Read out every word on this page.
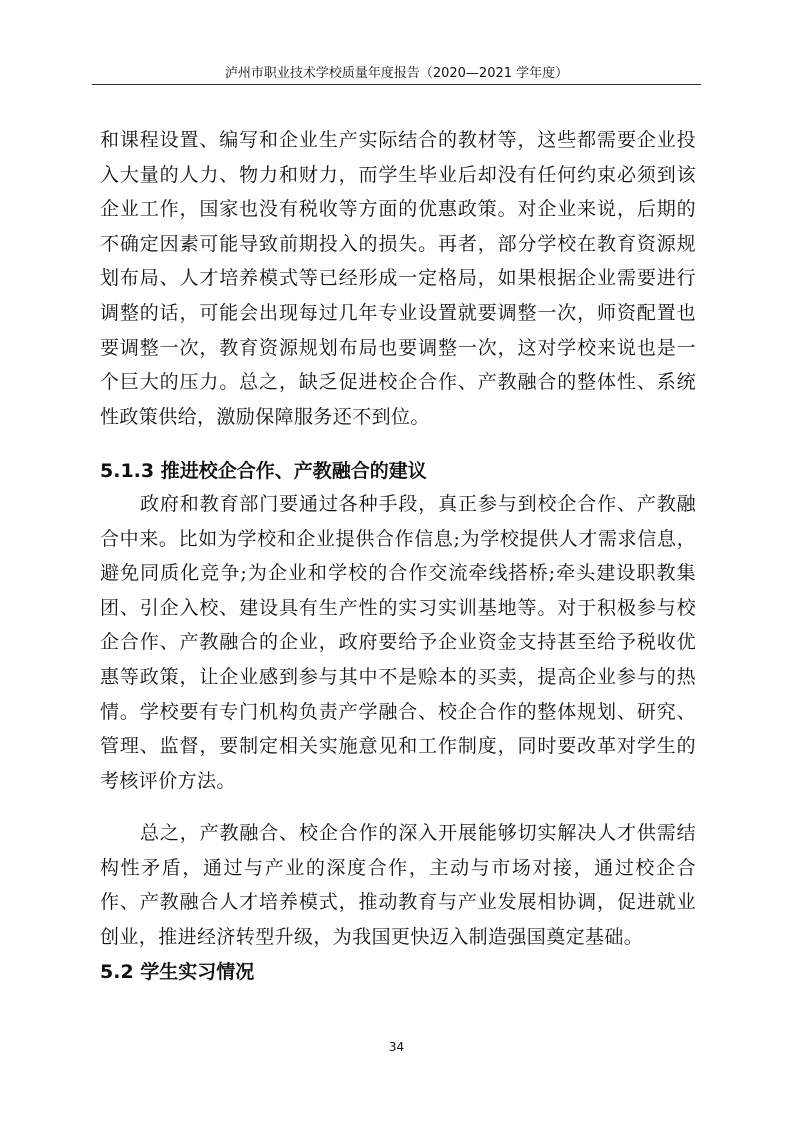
泸州市职业技术学校质量年度报告（2020—2021 学年度）

和课程设置、编写和企业生产实际结合的教材等，这些都需要企业投入大量的人力、物力和财力，而学生毕业后却没有任何约束必须到该企业工作，国家也没有税收等方面的优惠政策。对企业来说，后期的不确定因素可能导致前期投入的损失。再者，部分学校在教育资源规划布局、人才培养模式等已经形成一定格局，如果根据企业需要进行调整的话，可能会出现每过几年专业设置就要调整一次，师资配置也要调整一次，教育资源规划布局也要调整一次，这对学校来说也是一个巨大的压力。总之，缺乏促进校企合作、产教融合的整体性、系统性政策供给，激励保障服务还不到位。

5.1.3 推进校企合作、产教融合的建议

政府和教育部门要通过各种手段，真正参与到校企合作、产教融合中来。比如为学校和企业提供合作信息;为学校提供人才需求信息，避免同质化竞争;为企业和学校的合作交流牵线搭桥;牵头建设职教集团、引企入校、建设具有生产性的实习实训基地等。对于积极参与校企合作、产教融合的企业，政府要给予企业资金支持甚至给予税收优惠等政策，让企业感到参与其中不是赊本的买卖，提高企业参与的热情。学校要有专门机构负责产学融合、校企合作的整体规划、研究、管理、监督，要制定相关实施意见和工作制度，同时要改革对学生的考核评价方法。

总之，产教融合、校企合作的深入开展能够切实解决人才供需结构性矛盾，通过与产业的深度合作，主动与市场对接，通过校企合作、产教融合人才培养模式，推动教育与产业发展相协调，促进就业创业，推进经济转型升级，为我国更快迈入制造强国奠定基础。

5.2 学生实习情况
34
